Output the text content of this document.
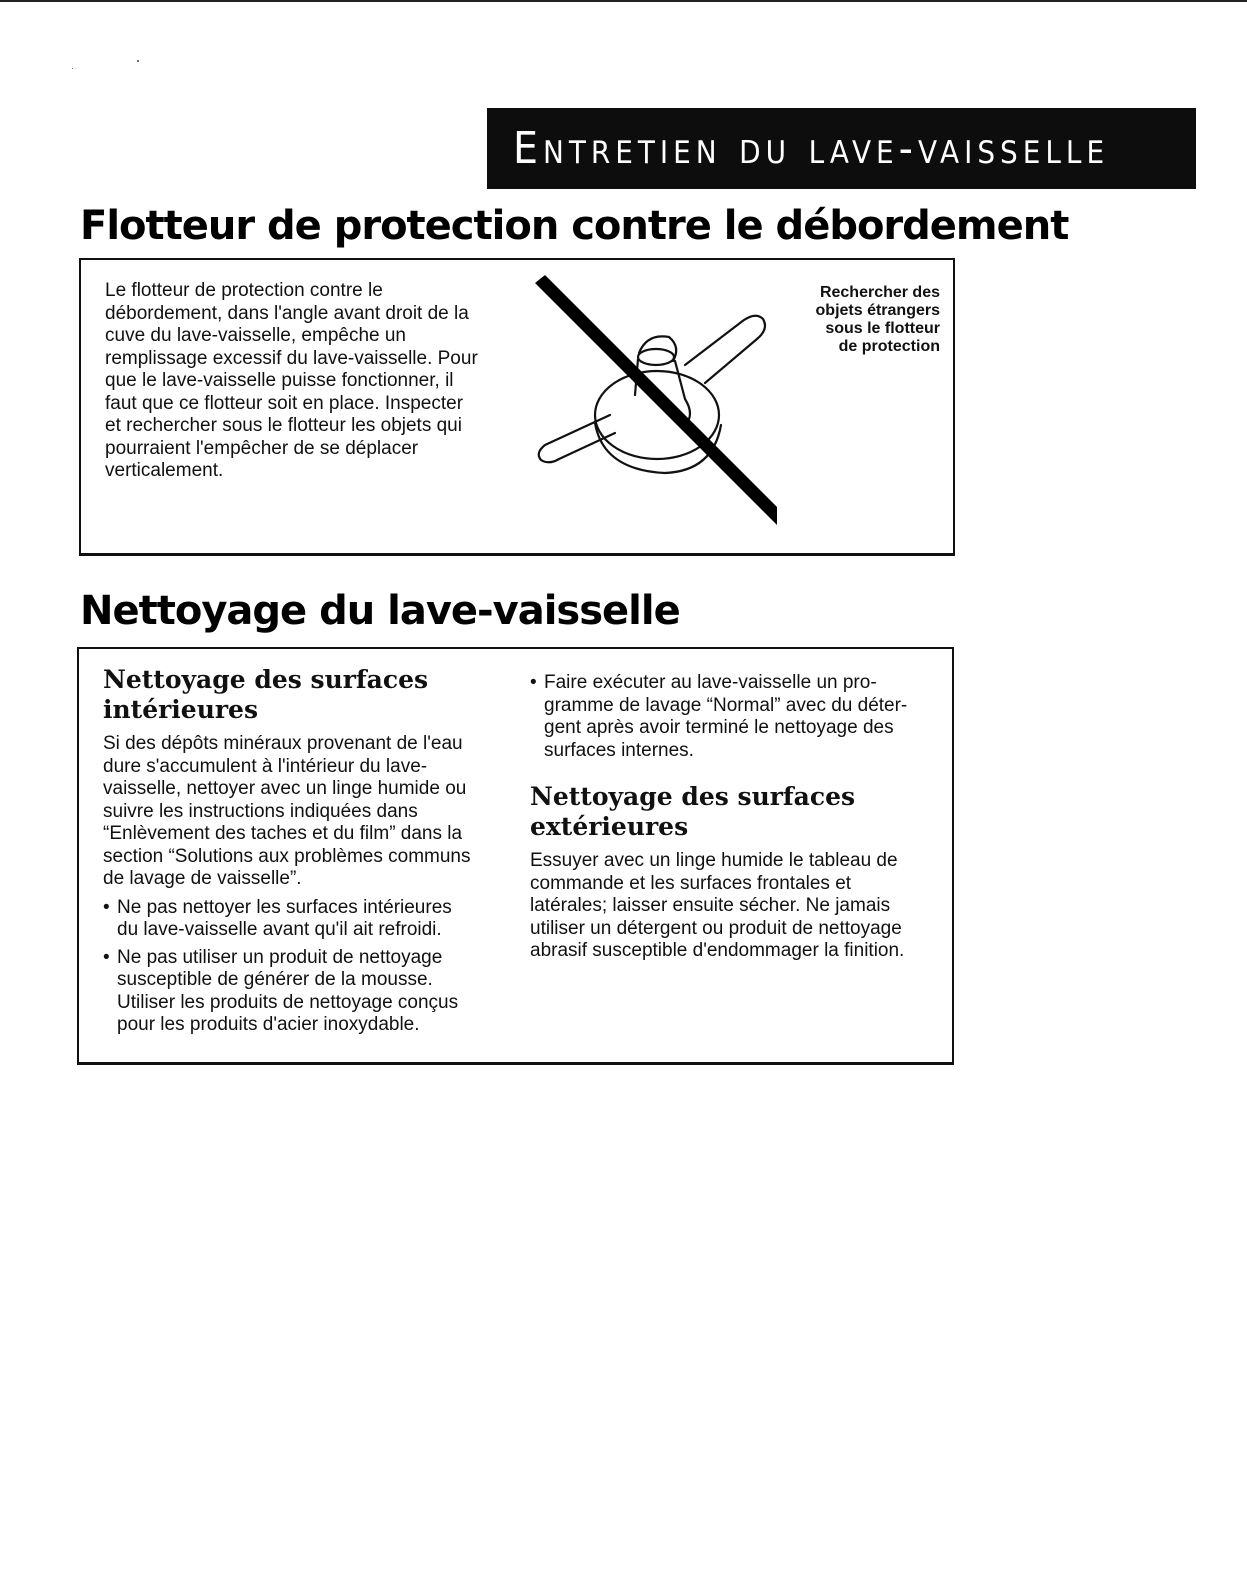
Entretien du lave-vaisselle
Flotteur de protection contre le débordement

Le flotteur de protection contre le
débordement, dans l'angle avant droit de la
cuve du lave-vaisselle, empêche un
remplissage excessif du lave-vaisselle. Pour
que le lave-vaisselle puisse fonctionner, il
faut que ce flotteur soit en place. Inspecter
et rechercher sous le flotteur les objets qui
pourraient l'empêcher de se déplacer
verticalement.

Rechercher des
objets étrangers
sous le flotteur
de protection
Nettoyage du lave-vaisselle
Nettoyage des surfaces
intérieures

Si des dépôts minéraux provenant de l'eau
dure s'accumulent à l'intérieur du lave-
vaisselle, nettoyer avec un linge humide ou
suivre les instructions indiquées dans
“Enlèvement des taches et du film” dans la
section “Solutions aux problèmes communs
de lavage de vaisselle”.

• Ne pas nettoyer les surfaces intérieures
du lave-vaisselle avant qu'il ait refroidi.
• Ne pas utiliser un produit de nettoyage
susceptible de générer de la mousse.
Utiliser les produits de nettoyage conçus
pour les produits d'acier inoxydable.
• Faire exécuter au lave-vaisselle un pro-
gramme de lavage “Normal” avec du déter-
gent après avoir terminé le nettoyage des
surfaces internes.
Nettoyage des surfaces
extérieures

Essuyer avec un linge humide le tableau de
commande et les surfaces frontales et
latérales; laisser ensuite sécher. Ne jamais
utiliser un détergent ou produit de nettoyage
abrasif susceptible d'endommager la finition.
